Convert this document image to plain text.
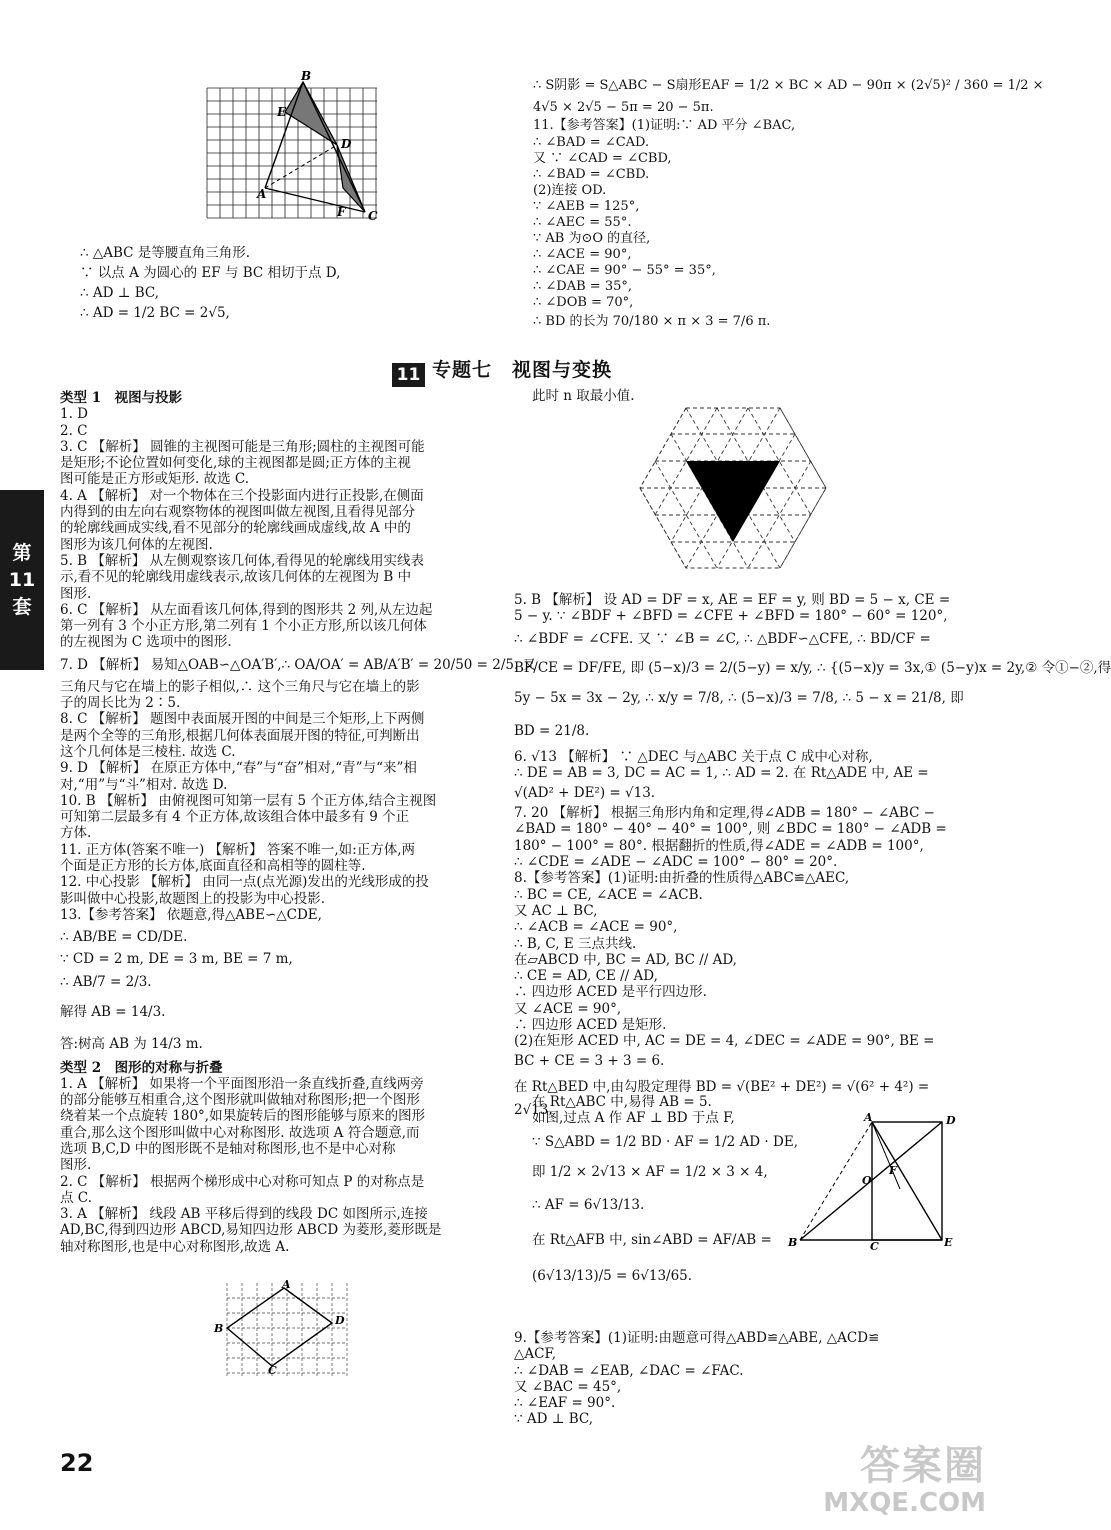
B
E
D
A
F C
∴ △ABC 是等腰直角三角形.
∵ 以点 A 为圆心的 EF 与 BC 相切于点 D,
∴ AD ⊥ BC,
∴ AD = 1/2 BC = 2√5,
∴ S阴影 = S△ABC − S扇形EAF = 1/2 × BC × AD − 90π × (2√5)² / 360 = 1/2 ×
4√5 × 2√5 − 5π = 20 − 5π.
11.【参考答案】(1)证明:∵ AD 平分 ∠BAC,
∴ ∠BAD = ∠CAD.
又 ∵ ∠CAD = ∠CBD,
∴ ∠BAD = ∠CBD.
(2)连接 OD.
∵ ∠AEB = 125°,
∴ ∠AEC = 55°.
∵ AB 为⊙O 的直径,
∴ ∠ACE = 90°,
∴ ∠CAE = 90° − 55° = 35°,
∴ ∠DAB = 35°,
∴ ∠DOB = 70°,
∴ BD 的长为 70/180 × π × 3 = 7/6 π.
11 专题七　视图与变换
第
11
套
类型 1　视图与投影
1. D
2. C
3. C 【解析】 圆锥的主视图可能是三角形;圆柱的主视图可能
是矩形;不论位置如何变化,球的主视图都是圆;正方体的主视
图可能是正方形或矩形. 故选 C.
4. A 【解析】 对一个物体在三个投影面内进行正投影,在侧面
内得到的由左向右观察物体的视图叫做左视图,且看得见部分
的轮廓线画成实线,看不见部分的轮廓线画成虚线,故 A 中的
图形为该几何体的左视图.
5. B 【解析】 从左侧观察该几何体,看得见的轮廓线用实线表
示,看不见的轮廓线用虚线表示,故该几何体的左视图为 B 中
图形.
6. C 【解析】 从左面看该几何体,得到的图形共 2 列,从左边起
第一列有 3 个小正方形,第二列有 1 个小正方形,所以该几何体
的左视图为 C 选项中的图形.
7. D 【解析】 易知△OAB∽△OA′B′,∴ OA/OA′ = AB/A′B′ = 20/50 = 2/5. 又
三角尺与它在墙上的影子相似,∴ 这个三角尺与它在墙上的影
子的周长比为 2∶5.
8. C 【解析】 题图中表面展开图的中间是三个矩形,上下两侧
是两个全等的三角形,根据几何体表面展开图的特征,可判断出
这个几何体是三棱柱. 故选 C.
9. D 【解析】 在原正方体中,“春”与“奋”相对,“青”与“来”相
对,“用”与“斗”相对. 故选 D.
10. B 【解析】 由俯视图可知第一层有 5 个正方体,结合主视图
可知第二层最多有 4 个正方体,故该组合体中最多有 9 个正
方体.
11. 正方体(答案不唯一) 【解析】 答案不唯一,如:正方体,两
个面是正方形的长方体,底面直径和高相等的圆柱等.
12. 中心投影 【解析】 由同一点(点光源)发出的光线形成的投
影叫做中心投影,故题图上的投影为中心投影.
13.【参考答案】 依题意,得△ABE∽△CDE,
∴ AB/BE = CD/DE.
∵ CD = 2 m, DE = 3 m, BE = 7 m,
∴ AB/7 = 2/3.
解得 AB = 14/3.
答:树高 AB 为 14/3 m.
类型 2　图形的对称与折叠
1. A 【解析】 如果将一个平面图形沿一条直线折叠,直线两旁
的部分能够互相重合,这个图形就叫做轴对称图形;把一个图形
绕着某一个点旋转 180°,如果旋转后的图形能够与原来的图形
重合,那么这个图形叫做中心对称图形. 故选项 A 符合题意,而
选项 B,C,D 中的图形既不是轴对称图形,也不是中心对称
图形.
2. C 【解析】 根据两个梯形成中心对称可知点 P 的对称点是
点 C.
3. A 【解析】 线段 AB 平移后得到的线段 DC 如图所示,连接
AD,BC,得到四边形 ABCD,易知四边形 ABCD 为菱形,菱形既是
轴对称图形,也是中心对称图形,故选 A.
A
B
C
D
此时 n 取最小值.
5. B 【解析】 设 AD = DF = x, AE = EF = y, 则 BD = 5 − x, CE =
5 − y. ∵ ∠BDF + ∠BFD = ∠CFE + ∠BFD = 180° − 60° = 120°,
∴ ∠BDF = ∠CFE. 又 ∵ ∠B = ∠C, ∴ △BDF∽△CFE, ∴ BD/CF =
BF/CE = DF/FE, 即 (5−x)/3 = 2/(5−y) = x/y, ∴ {(5−x)y = 3x,① (5−y)x = 2y,② 令①−②,得
5y − 5x = 3x − 2y, ∴ x/y = 7/8, ∴ (5−x)/3 = 7/8, ∴ 5 − x = 21/8, 即
BD = 21/8.
6. √13 【解析】 ∵ △DEC 与△ABC 关于点 C 成中心对称,
∴ DE = AB = 3, DC = AC = 1, ∴ AD = 2. 在 Rt△ADE 中, AE =
√(AD² + DE²) = √13.
7. 20 【解析】 根据三角形内角和定理,得∠ADB = 180° − ∠ABC −
∠BAD = 180° − 40° − 40° = 100°, 则 ∠BDC = 180° − ∠ADB =
180° − 100° = 80°. 根据翻折的性质,得∠ADE = ∠ADB = 100°,
∴ ∠CDE = ∠ADE − ∠ADC = 100° − 80° = 20°.
8.【参考答案】(1)证明:由折叠的性质得△ABC≌△AEC,
∴ BC = CE, ∠ACE = ∠ACB.
又 AC ⊥ BC,
∴ ∠ACB = ∠ACE = 90°,
∴ B, C, E 三点共线.
在▱ABCD 中, BC = AD, BC // AD,
∴ CE = AD, CE // AD,
∴ 四边形 ACED 是平行四边形.
又 ∠ACE = 90°,
∴ 四边形 ACED 是矩形.
(2)在矩形 ACED 中, AC = DE = 4, ∠DEC = ∠ADE = 90°, BE =
BC + CE = 3 + 3 = 6.
在 Rt△BED 中,由勾股定理得 BD = √(BE² + DE²) = √(6² + 4²) =
2√13.
在 Rt△ABC 中,易得 AB = 5.
如图,过点 A 作 AF ⊥ BD 于点 F,
∵ S△ABD = 1/2 BD · AF = 1/2 AD · DE,
即 1/2 × 2√13 × AF = 1/2 × 3 × 4,
∴ AF = 6√13/13.
在 Rt△AFB 中, sin∠ABD = AF/AB =
(6√13/13)/5 = 6√13/65.
A	D
O
F
B	C	E
9.【参考答案】(1)证明:由题意可得△ABD≌△ABE, △ACD≌
△ACF,
∴ ∠DAB = ∠EAB, ∠DAC = ∠FAC.
又 ∠BAC = 45°,
∴ ∠EAF = 90°.
∵ AD ⊥ BC,
22	答案圈
MXQE.COM
